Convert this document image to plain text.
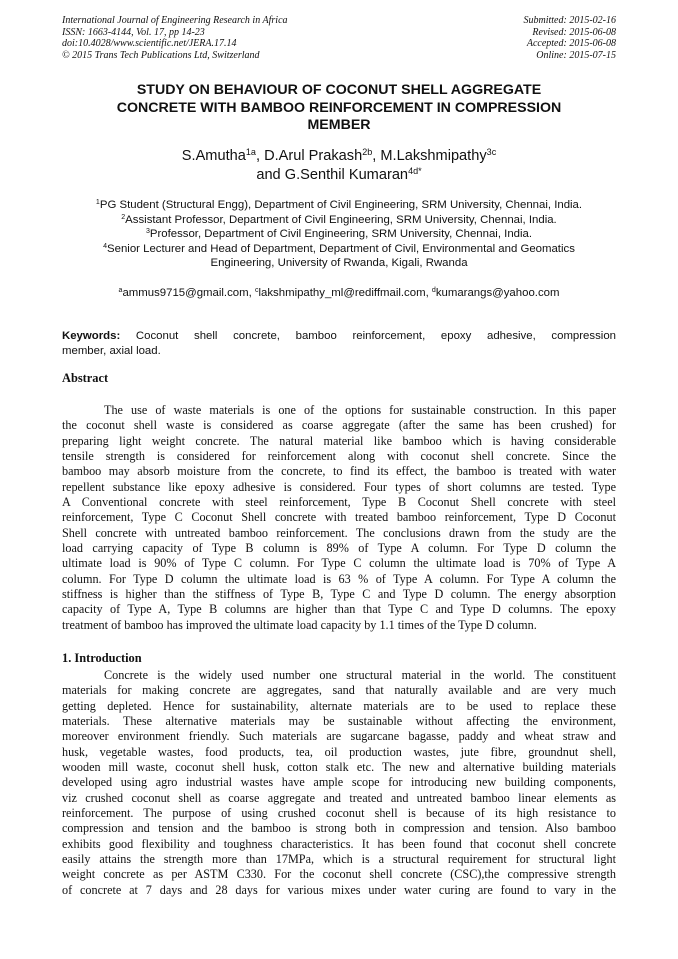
International Journal of Engineering Research in Africa
ISSN: 1663-4144, Vol. 17, pp 14-23
doi:10.4028/www.scientific.net/JERA.17.14
© 2015 Trans Tech Publications Ltd, Switzerland
Submitted: 2015-02-16
Revised: 2015-06-08
Accepted: 2015-06-08
Online: 2015-07-15
STUDY ON BEHAVIOUR OF COCONUT SHELL AGGREGATE
CONCRETE WITH BAMBOO REINFORCEMENT IN COMPRESSION
MEMBER
S.Amutha$^{1a}$, D.Arul Prakash$^{2b}$, M.Lakshmipathy$^{3c}$
and G.Senthil Kumaran$^{4d*}$
$^1$PG Student (Structural Engg), Department of Civil Engineering, SRM University, Chennai, India.
$^2$Assistant Professor, Department of Civil Engineering, SRM University, Chennai, India.
$^3$Professor, Department of Civil Engineering, SRM University, Chennai, India.
$^4$Senior Lecturer and Head of Department, Department of Civil, Environmental and Geomatics
Engineering, University of Rwanda, Kigali, Rwanda
$^a$ammus9715@gmail.com, $^c$lakshmipathy_ml@rediffmail.com, $^d$kumarangs@yahoo.com
Keywords: Coconut shell concrete, bamboo reinforcement, epoxy adhesive, compression
member, axial load.
Abstract
The use of waste materials is one of the options for sustainable construction. In this paper
the coconut shell waste is considered as coarse aggregate (after the same has been crushed) for
preparing light weight concrete. The natural material like bamboo which is having considerable
tensile strength is considered for reinforcement along with coconut shell concrete. Since the
bamboo may absorb moisture from the concrete, to find its effect, the bamboo is treated with water
repellent substance like epoxy adhesive is considered. Four types of short columns are tested. Type
A Conventional concrete with steel reinforcement, Type B Coconut Shell concrete with steel
reinforcement, Type C Coconut Shell concrete with treated bamboo reinforcement, Type D Coconut
Shell concrete with untreated bamboo reinforcement. The conclusions drawn from the study are the
load carrying capacity of Type B column is 89% of Type A column. For Type D column the
ultimate load is 90% of Type C column. For Type C column the ultimate load is 70% of Type A
column. For Type D column the ultimate load is 63 % of Type A column. For Type A column the
stiffness is higher than the stiffness of Type B, Type C and Type D column. The energy absorption
capacity of Type A, Type B columns are higher than that Type C and Type D columns. The epoxy
treatment of bamboo has improved the ultimate load capacity by 1.1 times of the Type D column.
1. Introduction
Concrete is the widely used number one structural material in the world. The constituent
materials for making concrete are aggregates, sand that naturally available and are very much
getting depleted. Hence for sustainability, alternate materials are to be used to replace these
materials. These alternative materials may be sustainable without affecting the environment,
moreover environment friendly. Such materials are sugarcane bagasse, paddy and wheat straw and
husk, vegetable wastes, food products, tea, oil production wastes, jute fibre, groundnut shell,
wooden mill waste, coconut shell husk, cotton stalk etc. The new and alternative building materials
developed using agro industrial wastes have ample scope for introducing new building components,
viz crushed coconut shell as coarse aggregate and treated and untreated bamboo linear elements as
reinforcement. The purpose of using crushed coconut shell is because of its high resistance to
compression and tension and the bamboo is strong both in compression and tension. Also bamboo
exhibits good flexibility and toughness characteristics. It has been found that coconut shell concrete
easily attains the strength more than 17MPa, which is a structural requirement for structural light
weight concrete as per ASTM C330. For the coconut shell concrete (CSC),the compressive strength
of concrete at 7 days and 28 days for various mixes under water curing are found to vary in the
